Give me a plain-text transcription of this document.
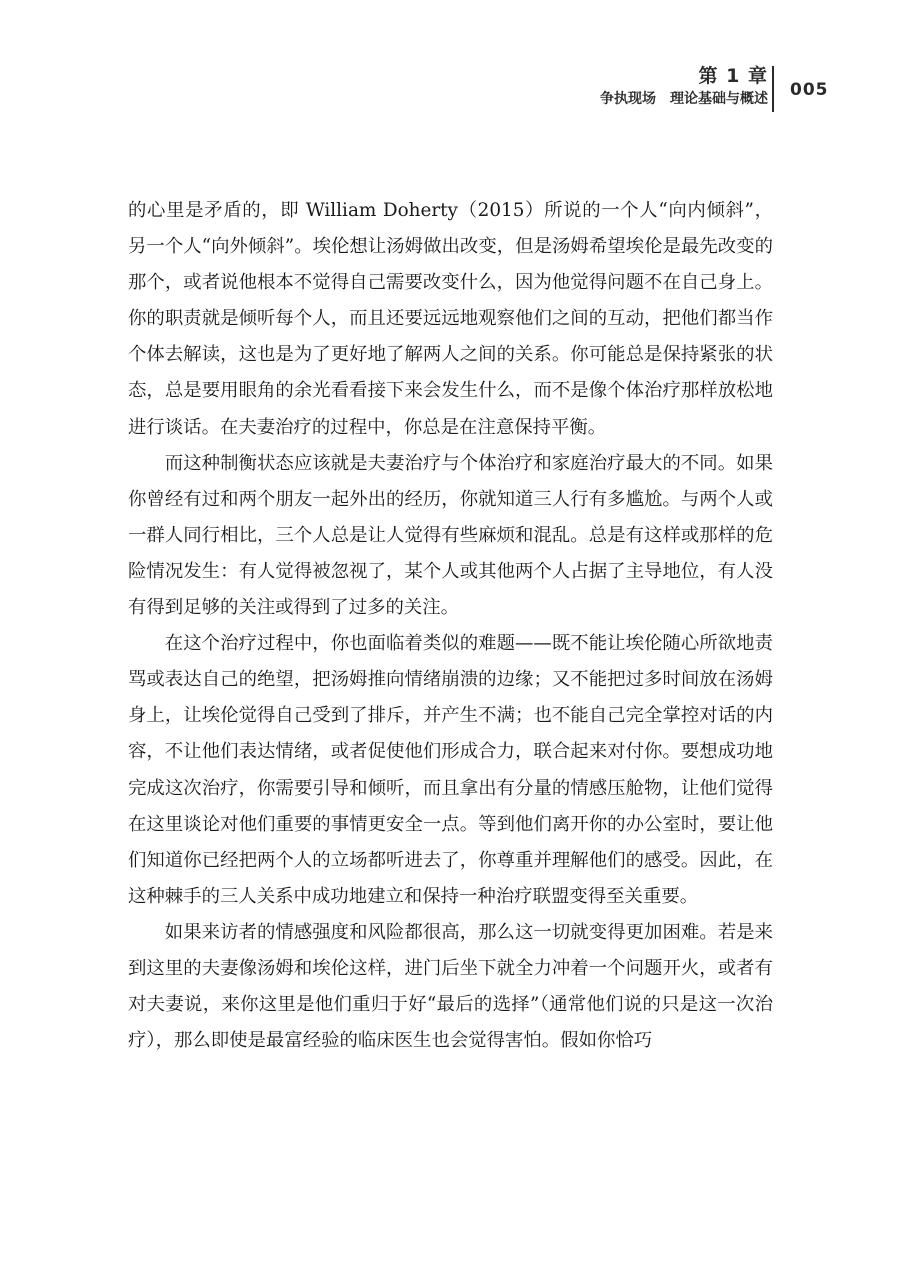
第 1 章
争执现场 理论基础与概述 005

的心里是矛盾的，即 William Doherty（2015）所说的一个人“向内倾斜”，另一个人“向外倾斜”。埃伦想让汤姆做出改变，但是汤姆希望埃伦是最先改变的那个，或者说他根本不觉得自己需要改变什么，因为他觉得问题不在自己身上。你的职责就是倾听每个人，而且还要远远地观察他们之间的互动，把他们都当作个体去解读，这也是为了更好地了解两人之间的关系。你可能总是保持紧张的状态，总是要用眼角的余光看看接下来会发生什么，而不是像个体治疗那样放松地进行谈话。在夫妻治疗的过程中，你总是在注意保持平衡。

而这种制衡状态应该就是夫妻治疗与个体治疗和家庭治疗最大的不同。如果你曾经有过和两个朋友一起外出的经历，你就知道三人行有多尴尬。与两个人或一群人同行相比，三个人总是让人觉得有些麻烦和混乱。总是有这样或那样的危险情况发生：有人觉得被忽视了，某个人或其他两个人占据了主导地位，有人没有得到足够的关注或得到了过多的关注。

在这个治疗过程中，你也面临着类似的难题——既不能让埃伦随心所欲地责骂或表达自己的绝望，把汤姆推向情绪崩溃的边缘；又不能把过多时间放在汤姆身上，让埃伦觉得自己受到了排斥，并产生不满；也不能自己完全掌控对话的内容，不让他们表达情绪，或者促使他们形成合力，联合起来对付你。要想成功地完成这次治疗，你需要引导和倾听，而且拿出有分量的情感压舱物，让他们觉得在这里谈论对他们重要的事情更安全一点。等到他们离开你的办公室时，要让他们知道你已经把两个人的立场都听进去了，你尊重并理解他们的感受。因此，在这种棘手的三人关系中成功地建立和保持一种治疗联盟变得至关重要。

如果来访者的情感强度和风险都很高，那么这一切就变得更加困难。若是来到这里的夫妻像汤姆和埃伦这样，进门后坐下就全力冲着一个问题开火，或者有对夫妻说，来你这里是他们重归于好“最后的选择”（通常他们说的只是这一次治疗），那么即使是最富经验的临床医生也会觉得害怕。假如你恰巧
